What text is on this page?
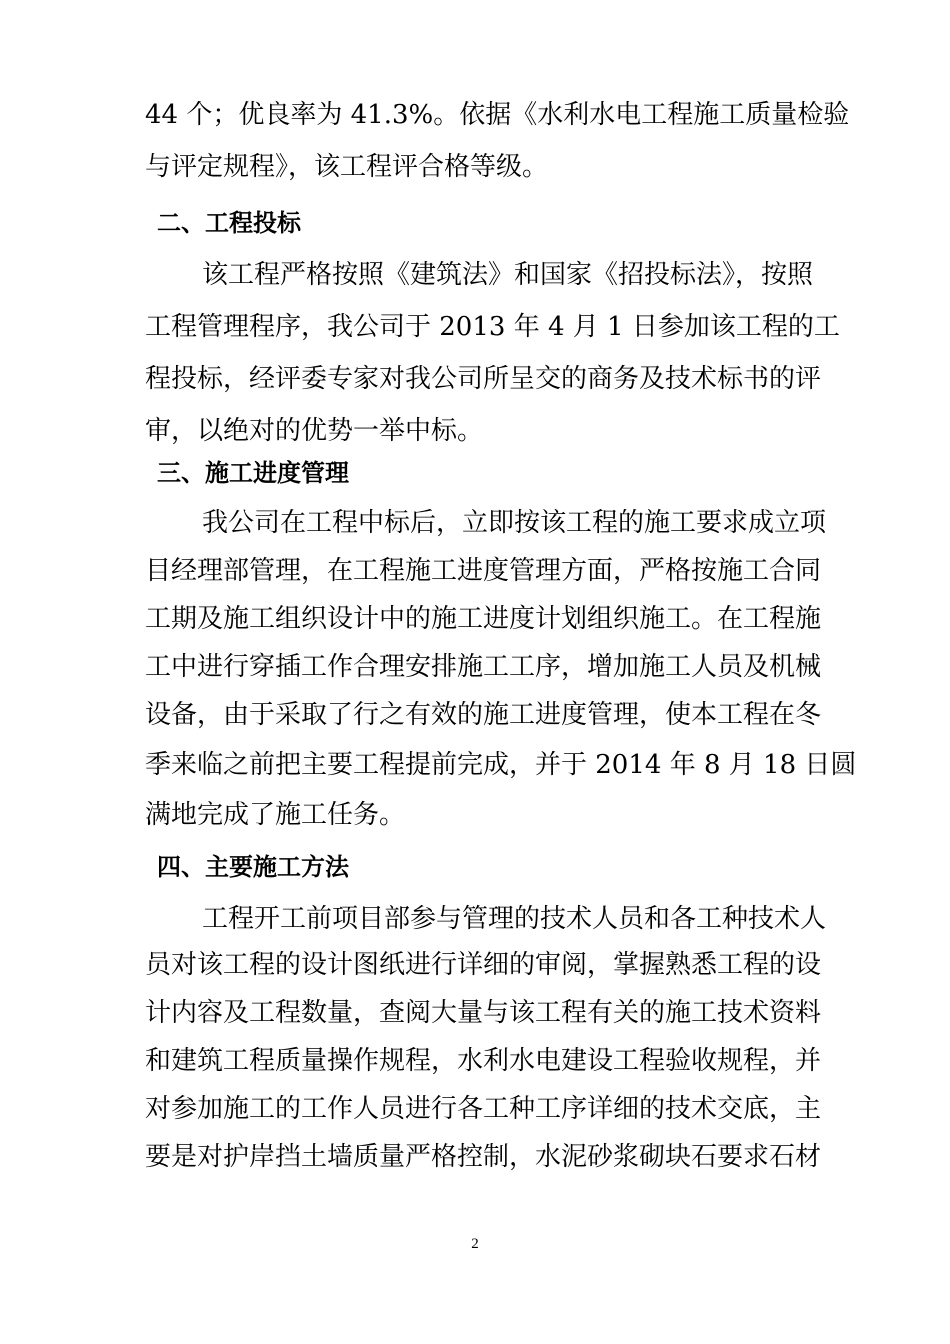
44 个；优良率为 41.3%。依据《水利水电工程施工质量检验
与评定规程》，该工程评合格等级。
二、工程投标
该工程严格按照《建筑法》和国家《招投标法》，按照
工程管理程序，我公司于 2013 年 4 月 1 日参加该工程的工
程投标，经评委专家对我公司所呈交的商务及技术标书的评
审，以绝对的优势一举中标。
三、施工进度管理
我公司在工程中标后，立即按该工程的施工要求成立项
目经理部管理，在工程施工进度管理方面，严格按施工合同
工期及施工组织设计中的施工进度计划组织施工。在工程施
工中进行穿插工作合理安排施工工序，增加施工人员及机械
设备，由于采取了行之有效的施工进度管理，使本工程在冬
季来临之前把主要工程提前完成，并于 2014 年 8 月 18 日圆
满地完成了施工任务。
四、主要施工方法
工程开工前项目部参与管理的技术人员和各工种技术人
员对该工程的设计图纸进行详细的审阅，掌握熟悉工程的设
计内容及工程数量，查阅大量与该工程有关的施工技术资料
和建筑工程质量操作规程，水利水电建设工程验收规程，并
对参加施工的工作人员进行各工种工序详细的技术交底，主
要是对护岸挡土墙质量严格控制，水泥砂浆砌块石要求石材
2
